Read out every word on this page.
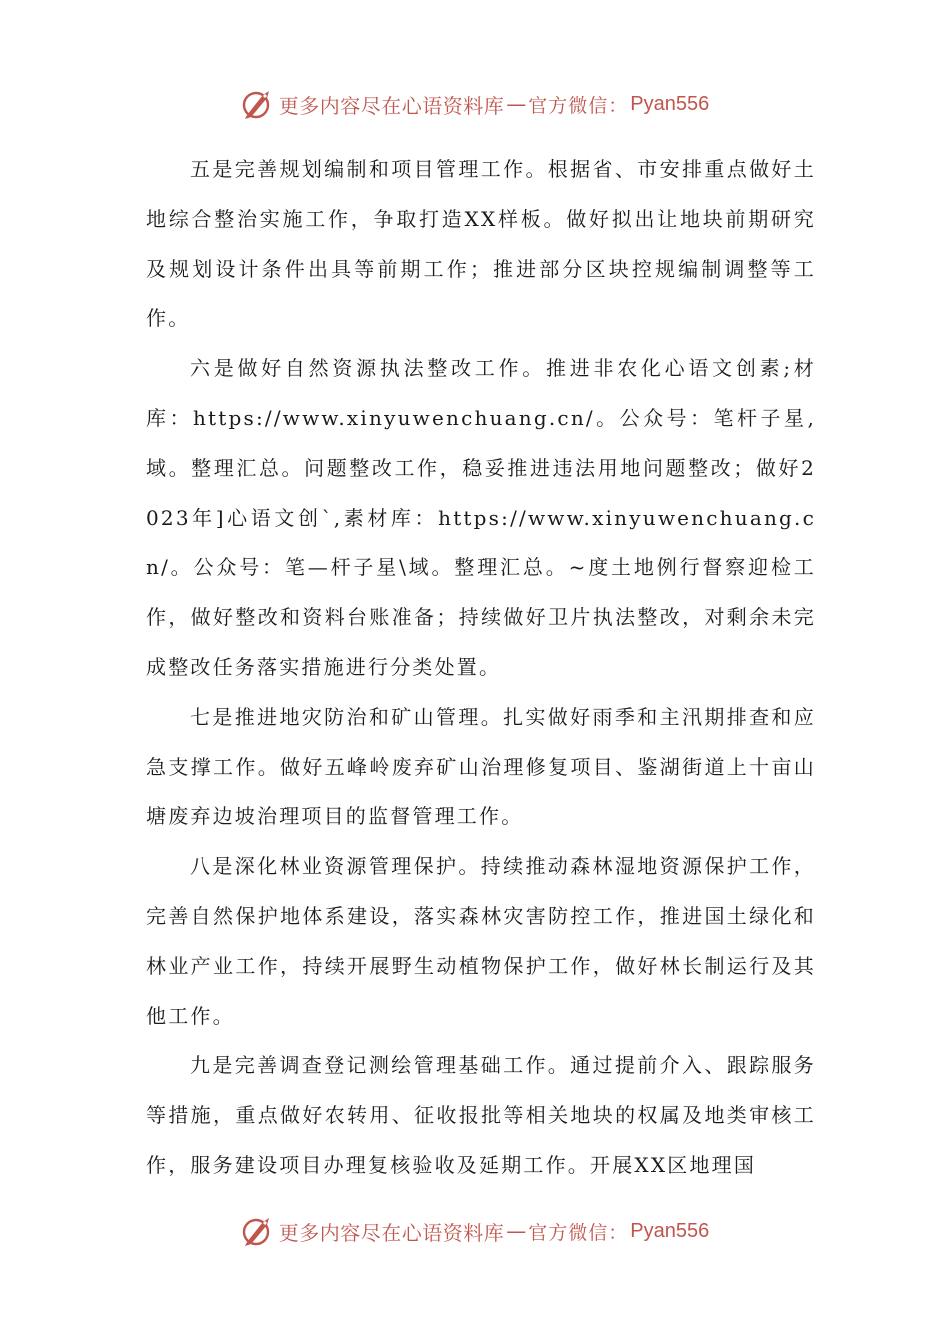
更多内容尽在心语资料库 — 官方微信： Pyan556

五是完善规划编制和项目管理工作。根据省、市安排重点做好土地综合整治实施工作，争取打造XX样板。做好拟出让地块前期研究及规划设计条件出具等前期工作；推进部分区块控规编制调整等工作。

六是做好自然资源执法整改工作。推进非农化心语文创素;材库：https://www.xinyuwenchuang.cn/。公众号：笔杆子星,域。整理汇总。问题整改工作，稳妥推进违法用地问题整改；做好2023年]心语文创`,素材库：https://www.xinyuwenchuang.cn/。公众号：笔—杆子星\域。整理汇总。~度土地例行督察迎检工作，做好整改和资料台账准备；持续做好卫片执法整改，对剩余未完成整改任务落实措施进行分类处置。

七是推进地灾防治和矿山管理。扎实做好雨季和主汛期排查和应急支撑工作。做好五峰岭废弃矿山治理修复项目、鉴湖街道上十亩山塘废弃边坡治理项目的监督管理工作。

八是深化林业资源管理保护。持续推动森林湿地资源保护工作，完善自然保护地体系建设，落实森林灾害防控工作，推进国土绿化和林业产业工作，持续开展野生动植物保护工作，做好林长制运行及其他工作。

九是完善调查登记测绘管理基础工作。通过提前介入、跟踪服务等措施，重点做好农转用、征收报批等相关地块的权属及地类审核工作，服务建设项目办理复核验收及延期工作。开展XX区地理国

更多内容尽在心语资料库 — 官方微信： Pyan556
